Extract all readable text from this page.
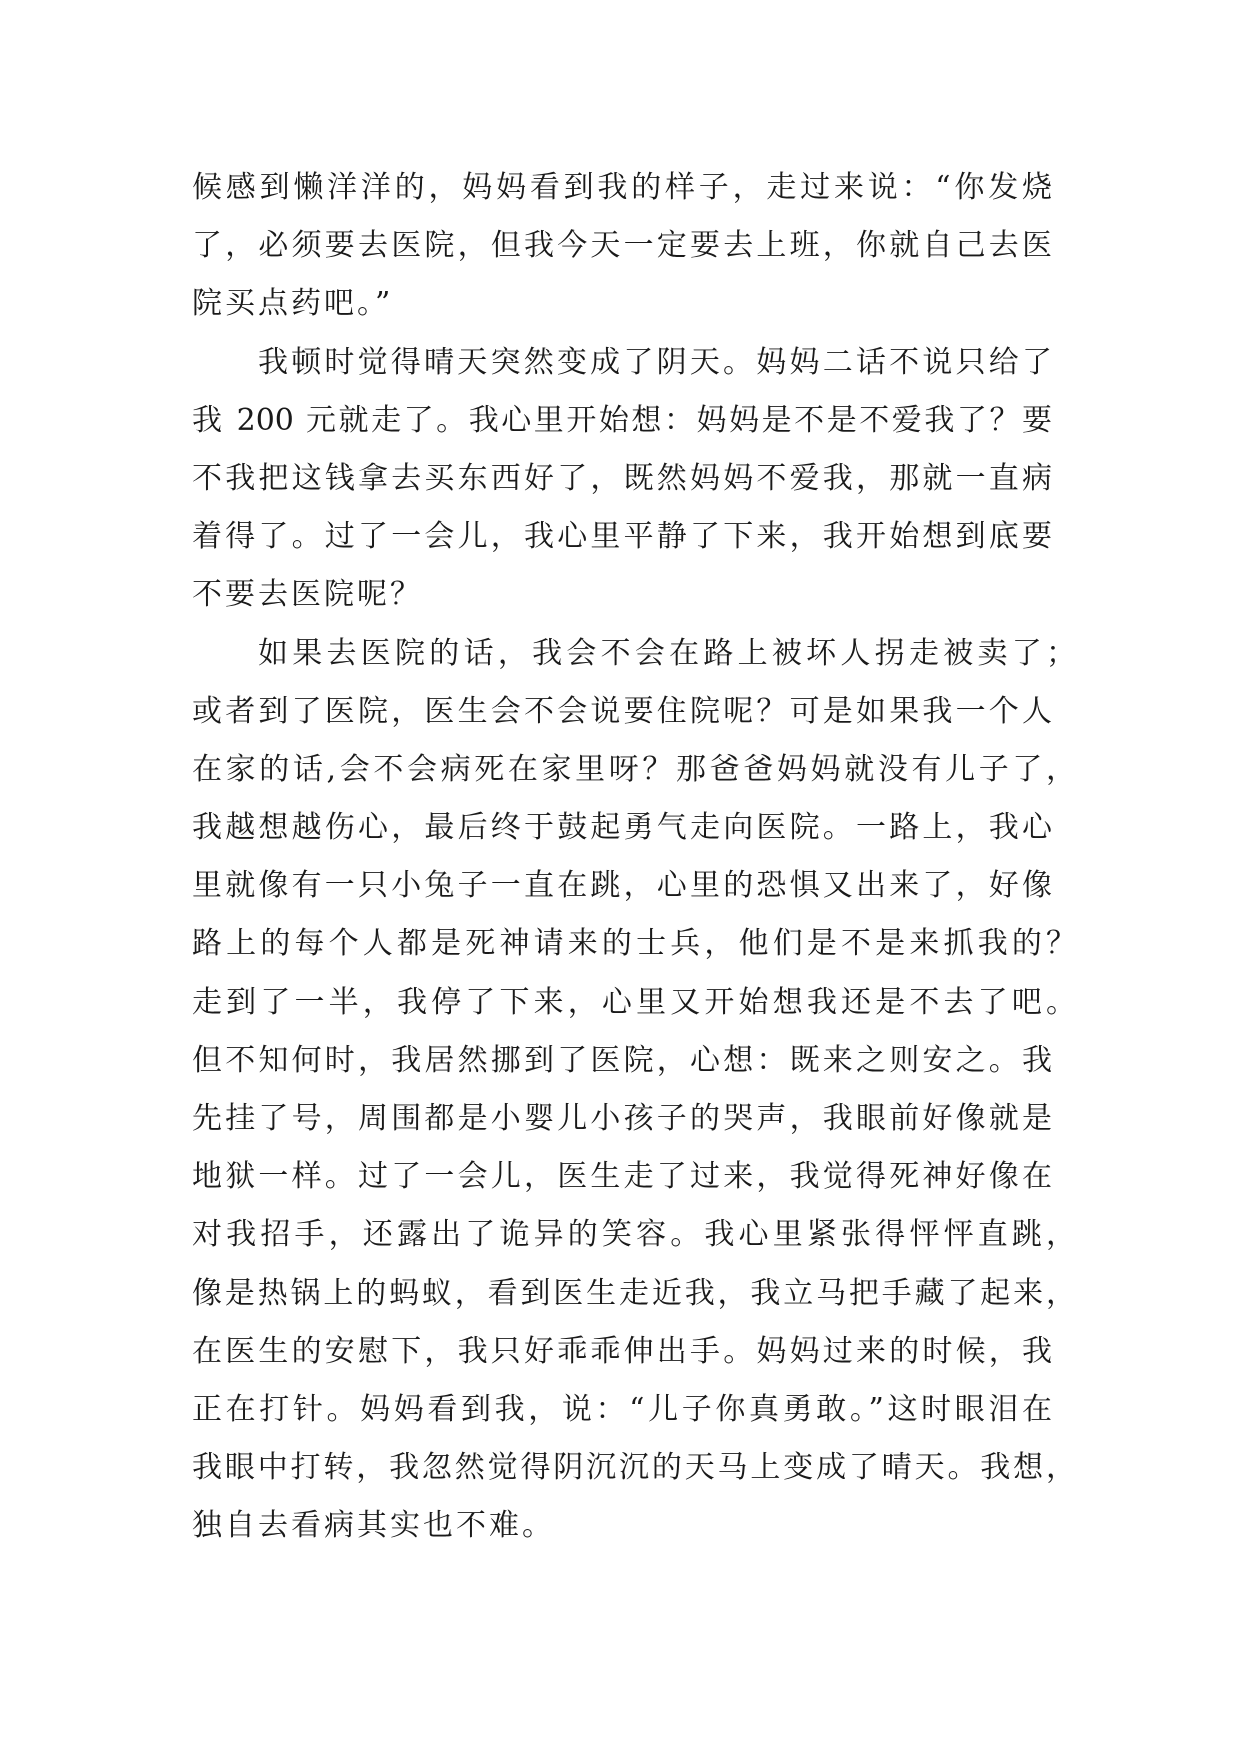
候感到懒洋洋的，妈妈看到我的样子，走过来说：“你发烧
了，必须要去医院，但我今天一定要去上班，你就自己去医
院买点药吧。”
我顿时觉得晴天突然变成了阴天。妈妈二话不说只给了
我 200 元就走了。我心里开始想：妈妈是不是不爱我了？要
不我把这钱拿去买东西好了，既然妈妈不爱我，那就一直病
着得了。过了一会儿，我心里平静了下来，我开始想到底要
不要去医院呢？
如果去医院的话，我会不会在路上被坏人拐走被卖了；
或者到了医院，医生会不会说要住院呢？可是如果我一个人
在家的话,会不会病死在家里呀？那爸爸妈妈就没有儿子了，
我越想越伤心，最后终于鼓起勇气走向医院。一路上，我心
里就像有一只小兔子一直在跳，心里的恐惧又出来了，好像
路上的每个人都是死神请来的士兵，他们是不是来抓我的？
走到了一半，我停了下来，心里又开始想我还是不去了吧。
但不知何时，我居然挪到了医院，心想：既来之则安之。我
先挂了号，周围都是小婴儿小孩子的哭声，我眼前好像就是
地狱一样。过了一会儿，医生走了过来，我觉得死神好像在
对我招手，还露出了诡异的笑容。我心里紧张得怦怦直跳，
像是热锅上的蚂蚁，看到医生走近我，我立马把手藏了起来，
在医生的安慰下，我只好乖乖伸出手。妈妈过来的时候，我
正在打针。妈妈看到我，说：“儿子你真勇敢。”这时眼泪在
我眼中打转，我忽然觉得阴沉沉的天马上变成了晴天。我想，
独自去看病其实也不难。
